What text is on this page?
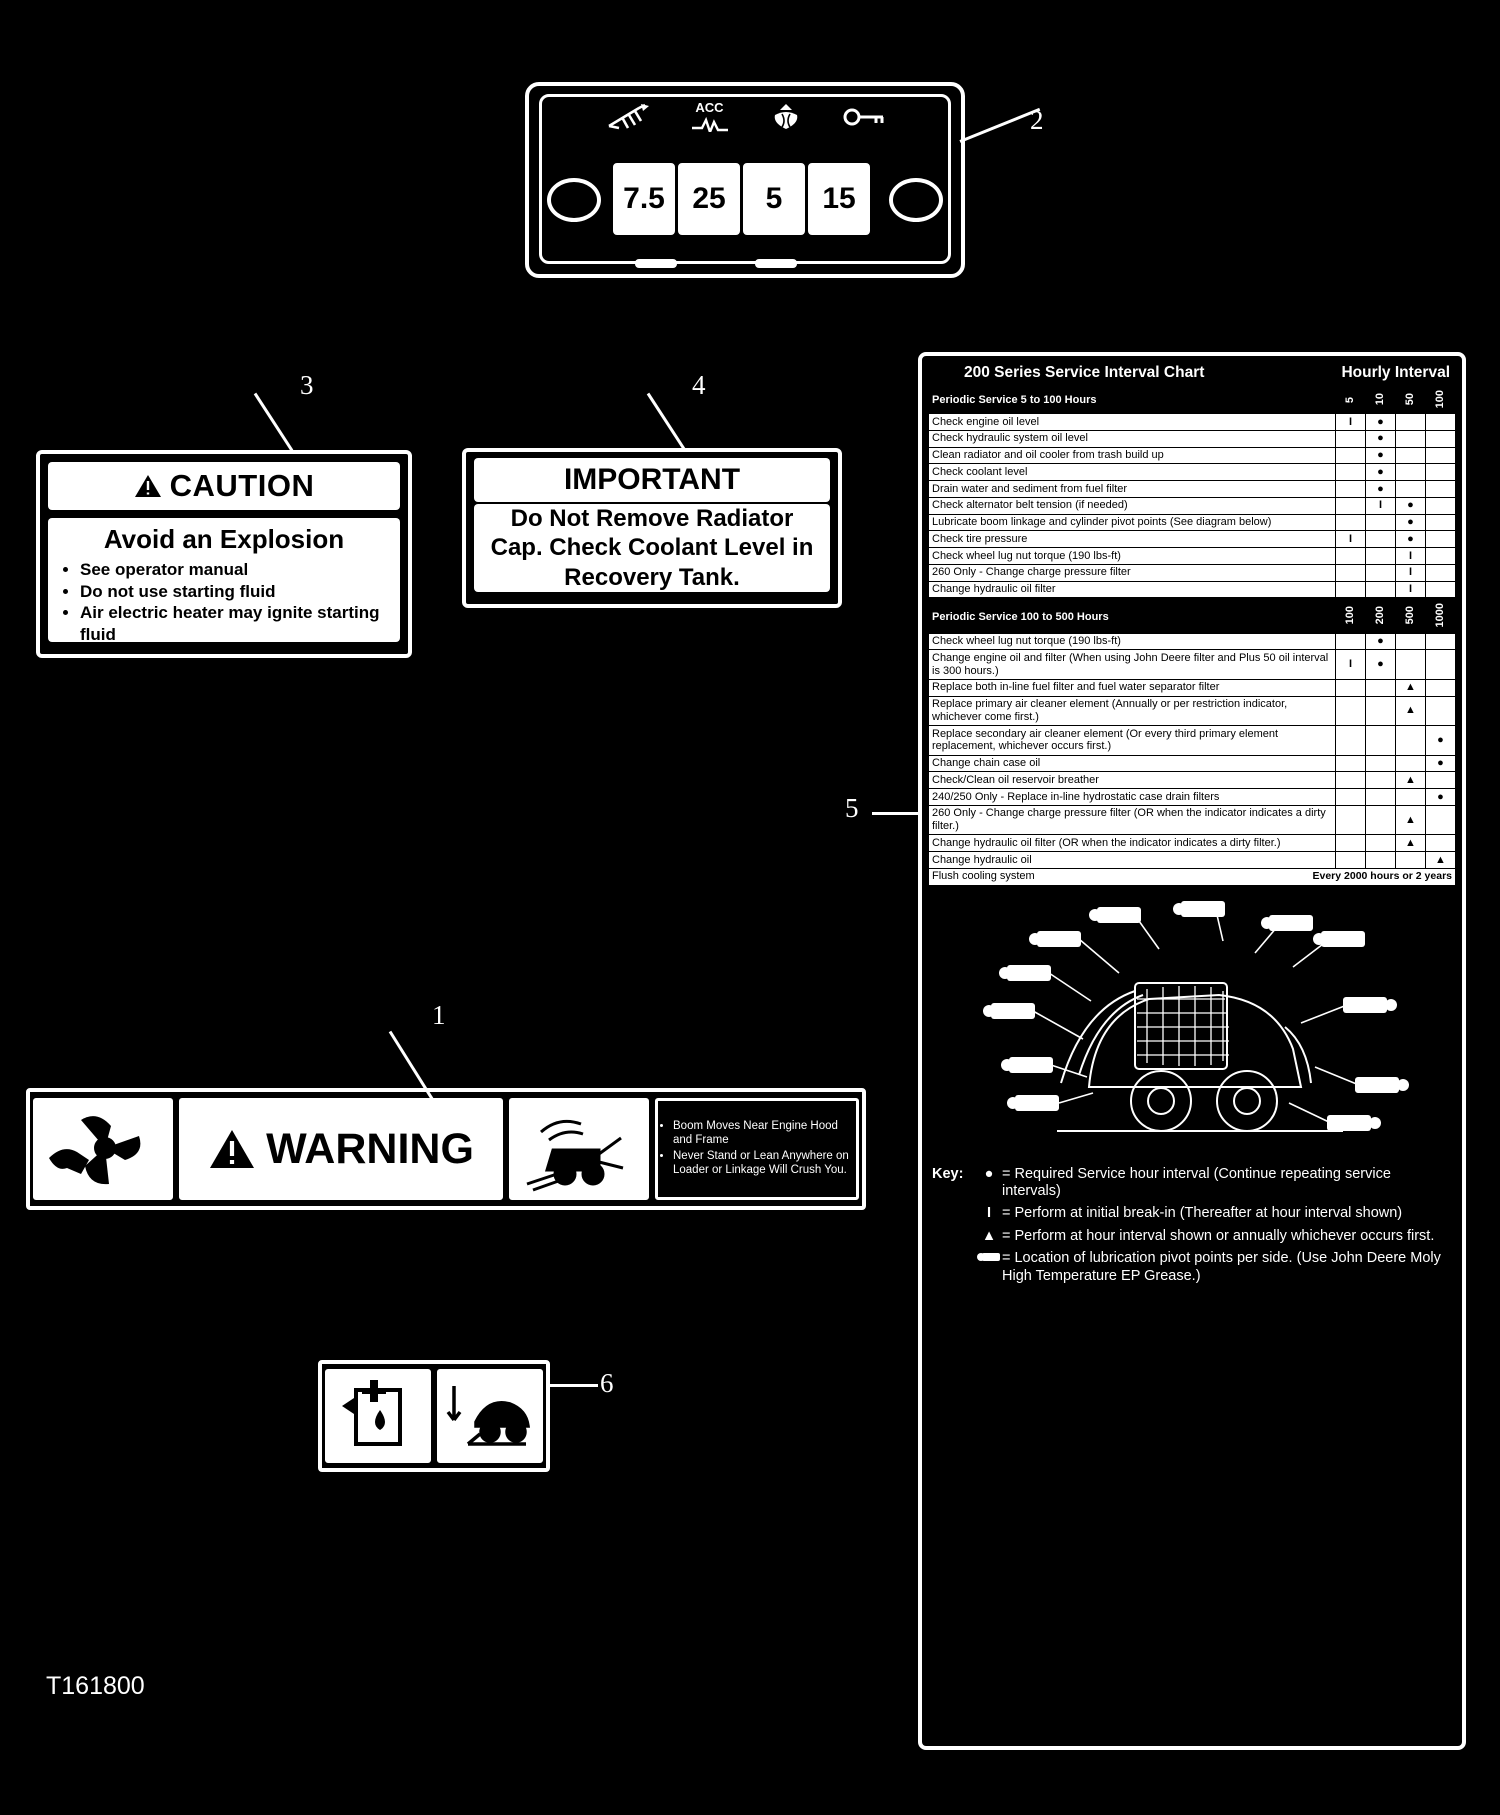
ACC
7.5 25	5	15
2
CAUTION
Avoid an Explosion
• See operator manual
• Do not use starting fluid
• Air electric heater may ignite starting fluid
3
IMPORTANT
Do Not Remove Radiator Cap. Check Coolant Level in Recovery Tank.
4
WARNING	• Boom Moves Near Engine Hood and Frame
• Never Stand or Lean Anywhere on Loader or Linkage Will Crush You.
1
6
5
200 Series Service Interval Chart	Hourly Interval
Periodic Service 5 to 100 Hours	5	10	50	100
Check engine oil level	I	●		
Check hydraulic system oil level		●		
Clean radiator and oil cooler from trash build up		●		
Check coolant level		●		
Drain water and sediment from fuel filter		●		
Check alternator belt tension (if needed)		I	●	
Lubricate boom linkage and cylinder pivot points (See diagram below)			●	
Check tire pressure	I		●	
Check wheel lug nut torque (190 lbs-ft)			I	
260 Only - Change charge pressure filter			I	
Change hydraulic oil filter			I	
Periodic Service 100 to 500 Hours	100	200	500	1000
Check wheel lug nut torque (190 lbs-ft)		●		
Change engine oil and filter (When using John Deere filter and Plus 50 oil interval is 300 hours.)	I	●		
Replace both in-line fuel filter and fuel water separator filter			▲	
Replace primary air cleaner element (Annually or per restriction indicator, whichever come first.)			▲	
Replace secondary air cleaner element (Or every third primary element replacement, whichever occurs first.)				●
Change chain case oil				●
Check/Clean oil reservoir breather			▲	
240/250 Only - Replace in-line hydrostatic case drain filters				●
260 Only - Change charge pressure filter (OR when the indicator indicates a dirty filter.)			▲	
Change hydraulic oil filter (OR when the indicator indicates a dirty filter.)			▲	
Change hydraulic oil				▲
Flush cooling system Every 2000 hours or 2 years				
Key:	● = Required Service hour interval (Continue repeating service intervals)
I = Perform at initial break-in (Thereafter at hour interval shown)
▲ = Perform at hour interval shown or annually whichever occurs first.
= Location of lubrication pivot points per side. (Use John Deere Moly High Temperature EP Grease.)
T161800
